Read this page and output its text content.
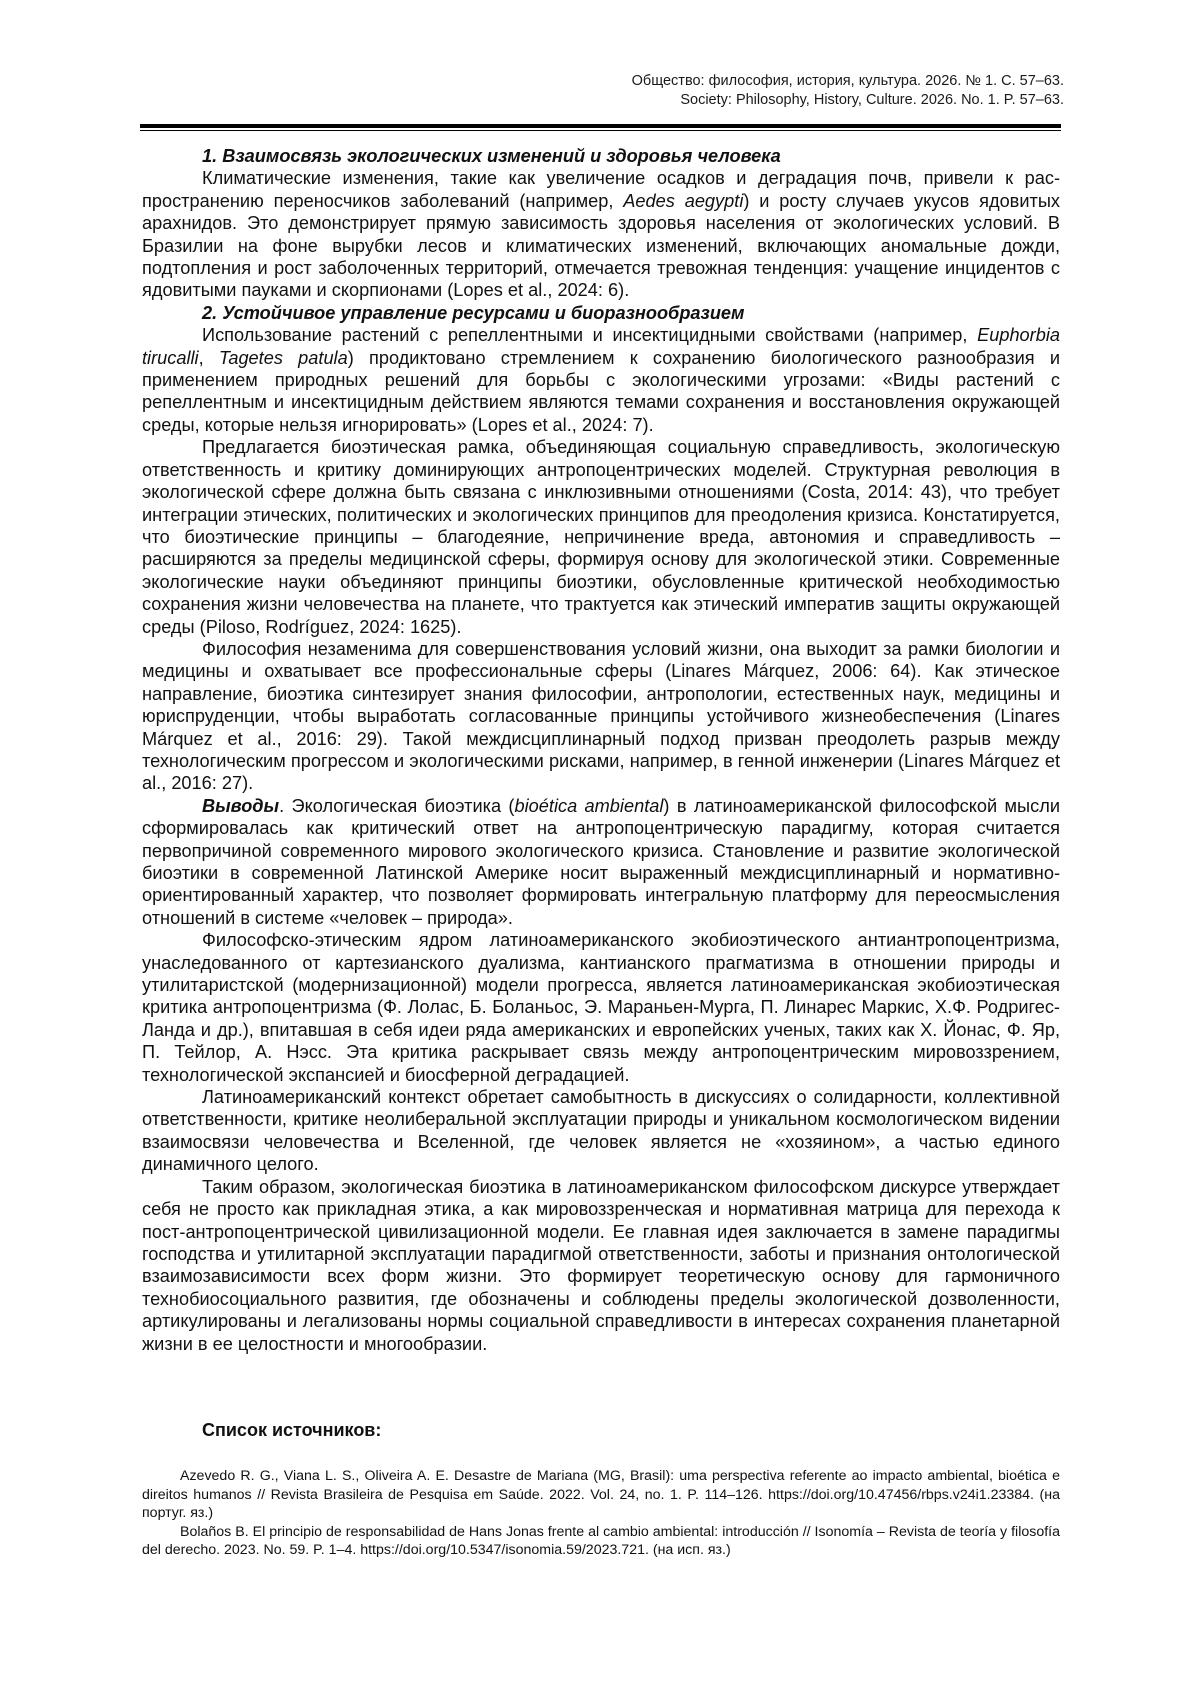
Общество: философия, история, культура. 2026. № 1. С. 57–63.
Society: Philosophy, History, Culture. 2026. No. 1. P. 57–63.

1. Взаимосвязь экологических изменений и здоровья человека

Климатические изменения, такие как увеличение осадков и деградация почв, привели к распространению переносчиков заболеваний (например, Aedes aegypti) и росту случаев укусов ядовитых арахнидов. Это демонстрирует прямую зависимость здоровья населения от экологических условий. В Бразилии на фоне вырубки лесов и климатических изменений, включающих аномальные дожди, подтопления и рост заболоченных территорий, отмечается тревожная тенденция: учащение инцидентов с ядовитыми пауками и скорпионами (Lopes et al., 2024: 6).

2. Устойчивое управление ресурсами и биоразнообразием

Использование растений с репеллентными и инсектицидными свойствами (например, Euphorbia tirucalli, Tagetes patula) продиктовано стремлением к сохранению биологического разнообразия и применением природных решений для борьбы с экологическими угрозами: «Виды растений с репеллентным и инсектицидным действием являются темами сохранения и восстановления окружающей среды, которые нельзя игнорировать» (Lopes et al., 2024: 7).

Предлагается биоэтическая рамка, объединяющая социальную справедливость, экологическую ответственность и критику доминирующих антропоцентрических моделей. Структурная революция в экологической сфере должна быть связана с инклюзивными отношениями (Costa, 2014: 43), что требует интеграции этических, политических и экологических принципов для преодоления кризиса. Констатируется, что биоэтические принципы – благодеяние, непричинение вреда, автономия и справедливость – расширяются за пределы медицинской сферы, формируя основу для экологической этики. Современные экологические науки объединяют принципы биоэтики, обусловленные критической необходимостью сохранения жизни человечества на планете, что трактуется как этический императив защиты окружающей среды (Piloso, Rodríguez, 2024: 1625).

Философия незаменима для совершенствования условий жизни, она выходит за рамки биологии и медицины и охватывает все профессиональные сферы (Linares Márquez, 2006: 64). Как этическое направление, биоэтика синтезирует знания философии, антропологии, естественных наук, медицины и юриспруденции, чтобы выработать согласованные принципы устойчивого жизнеобеспечения (Linares Márquez et al., 2016: 29). Такой междисциплинарный подход призван преодолеть разрыв между технологическим прогрессом и экологическими рисками, например, в генной инженерии (Linares Márquez et al., 2016: 27).

Выводы. Экологическая биоэтика (bioética ambiental) в латиноамериканской философской мысли сформировалась как критический ответ на антропоцентрическую парадигму, которая считается первопричиной современного мирового экологического кризиса. Становление и развитие экологической биоэтики в современной Латинской Америке носит выраженный междисциплинарный и нормативно-ориентированный характер, что позволяет формировать интегральную платформу для переосмысления отношений в системе «человек – природа».

Философско-этическим ядром латиноамериканского экобиоэтического антиантропоцентризма, унаследованного от картезианского дуализма, кантианского прагматизма в отношении природы и утилитаристской (модернизационной) модели прогресса, является латиноамериканская экобиоэтическая критика антропоцентризма (Ф. Лолас, Б. Боланьос, Э. Мараньен-Мурга, П. Линарес Маркис, Х.Ф. Родригес-Ланда и др.), впитавшая в себя идеи ряда американских и европейских ученых, таких как Х. Йонас, Ф. Яр, П. Тейлор, А. Нэсс. Эта критика раскрывает связь между антропоцентрическим мировоззрением, технологической экспансией и биосферной деградацией.

Латиноамериканский контекст обретает самобытность в дискуссиях о солидарности, коллективной ответственности, критике неолиберальной эксплуатации природы и уникальном космологическом видении взаимосвязи человечества и Вселенной, где человек является не «хозяином», а частью единого динамичного целого.

Таким образом, экологическая биоэтика в латиноамериканском философском дискурсе утверждает себя не просто как прикладная этика, а как мировоззренческая и нормативная матрица для перехода к пост-антропоцентрической цивилизационной модели. Ее главная идея заключается в замене парадигмы господства и утилитарной эксплуатации парадигмой ответственности, заботы и признания онтологической взаимозависимости всех форм жизни. Это формирует теоретическую основу для гармоничного технобиосоциального развития, где обозначены и соблюдены пределы экологической дозволенности, артикулированы и легализованы нормы социальной справедливости в интересах сохранения планетарной жизни в ее целостности и многообразии.

Список источников:

Azevedo R. G., Viana L. S., Oliveira A. E. Desastre de Mariana (MG, Brasil): uma perspectiva referente ao impacto ambiental, bioética e direitos humanos // Revista Brasileira de Pesquisa em Saúde. 2022. Vol. 24, no. 1. P. 114–126. https://doi.org/10.47456/rbps.v24i1.23384. (на португ. яз.)

Bolaños B. El principio de responsabilidad de Hans Jonas frente al cambio ambiental: introducción // Isonomía – Revista de teoría y filosofía del derecho. 2023. No. 59. P. 1–4. https://doi.org/10.5347/isonomia.59/2023.721. (на исп. яз.)
